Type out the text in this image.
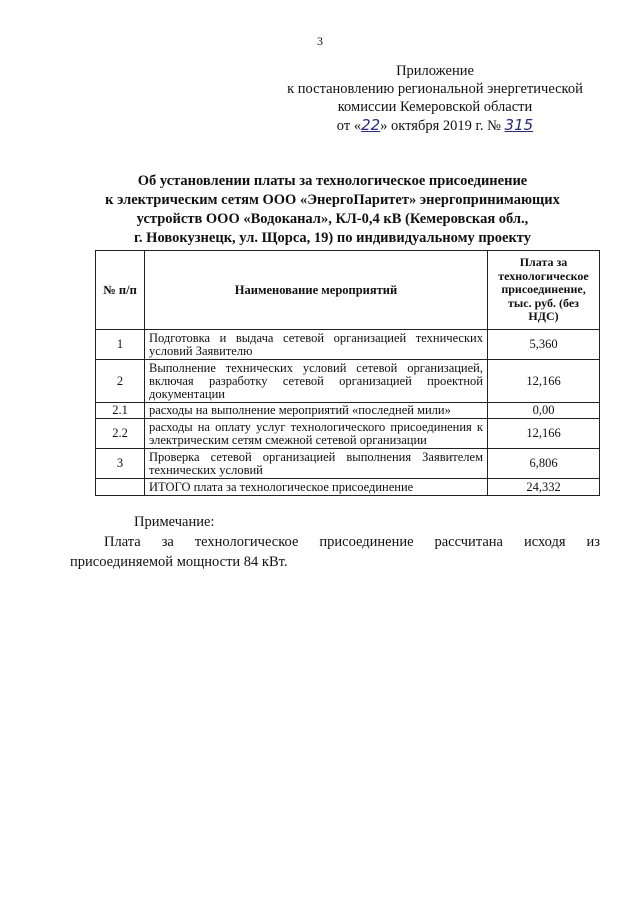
3
Приложение
к постановлению региональной энергетической
комиссии Кемеровской области
от «22» октября 2019 г. № 315
Об установлении платы за технологическое присоединение
к электрическим сетям ООО «ЭнергоПаритет» энергопринимающих
устройств ООО «Водоканал», КЛ-0,4 кВ (Кемеровская обл.,
г. Новокузнецк, ул. Щорса, 19) по индивидуальному проекту
№ п/п	Наименование мероприятий	Плата за технологическое присоединение, тыс. руб. (без НДС)
1	Подготовка и выдача сетевой организацией технических условий Заявителю	5,360
2	Выполнение технических условий сетевой организацией, включая разработку сетевой организацией проектной документации	12,166
2.1	расходы на выполнение мероприятий «последней мили»	0,00
2.2	расходы на оплату услуг технологического присоединения к электрическим сетям смежной сетевой организации	12,166
3	Проверка сетевой организацией выполнения Заявителем технических условий	6,806
	ИТОГО плата за технологическое присоединение	24,332
Примечание:
Плата за технологическое присоединение рассчитана исходя из присоединяемой мощности 84 кВт.
